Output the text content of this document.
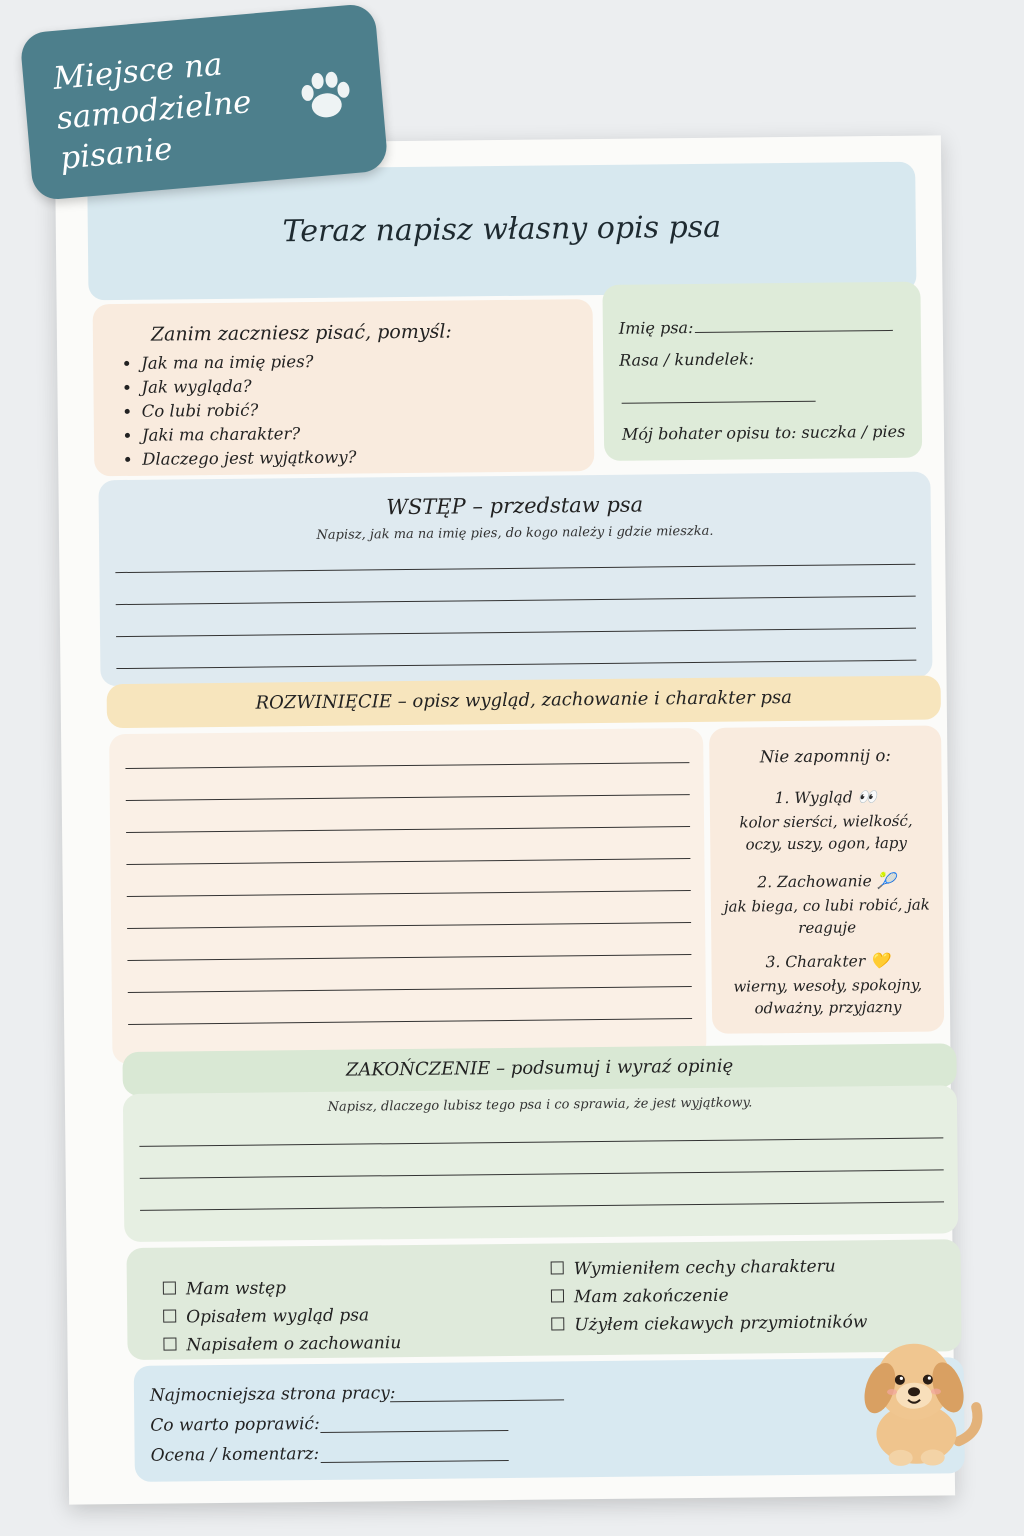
Miejsce na
samodzielne
pisanie
Teraz napisz własny opis psa
Zanim zaczniesz pisać, pomyśl:
• Jak ma na imię pies?
• Jak wygląda?
• Co lubi robić?
• Jaki ma charakter?
• Dlaczego jest wyjątkowy?
Imię psa:
Rasa / kundelek:
Mój bohater opisu to: suczka / pies
WSTĘP – przedstaw psa
Napisz, jak ma na imię pies, do kogo należy i gdzie mieszka.
ROZWINIĘCIE – opisz wygląd, zachowanie i charakter psa
Nie zapomnij o:
1. Wygląd 👀
kolor sierści, wielkość, oczy, uszy, ogon, łapy
2. Zachowanie 🎾
jak biega, co lubi robić, jak reaguje
3. Charakter 💛
wierny, wesoły, spokojny, odważny, przyjazny
ZAKOŃCZENIE – podsumuj i wyraź opinię
Napisz, dlaczego lubisz tego psa i co sprawia, że jest wyjątkowy.
Mam wstęp
Opisałem wygląd psa
Napisałem o zachowaniu
Wymieniłem cechy charakteru
Mam zakończenie
Użyłem ciekawych przymiotników
Najmocniejsza strona pracy:
Co warto poprawić:
Ocena / komentarz:
